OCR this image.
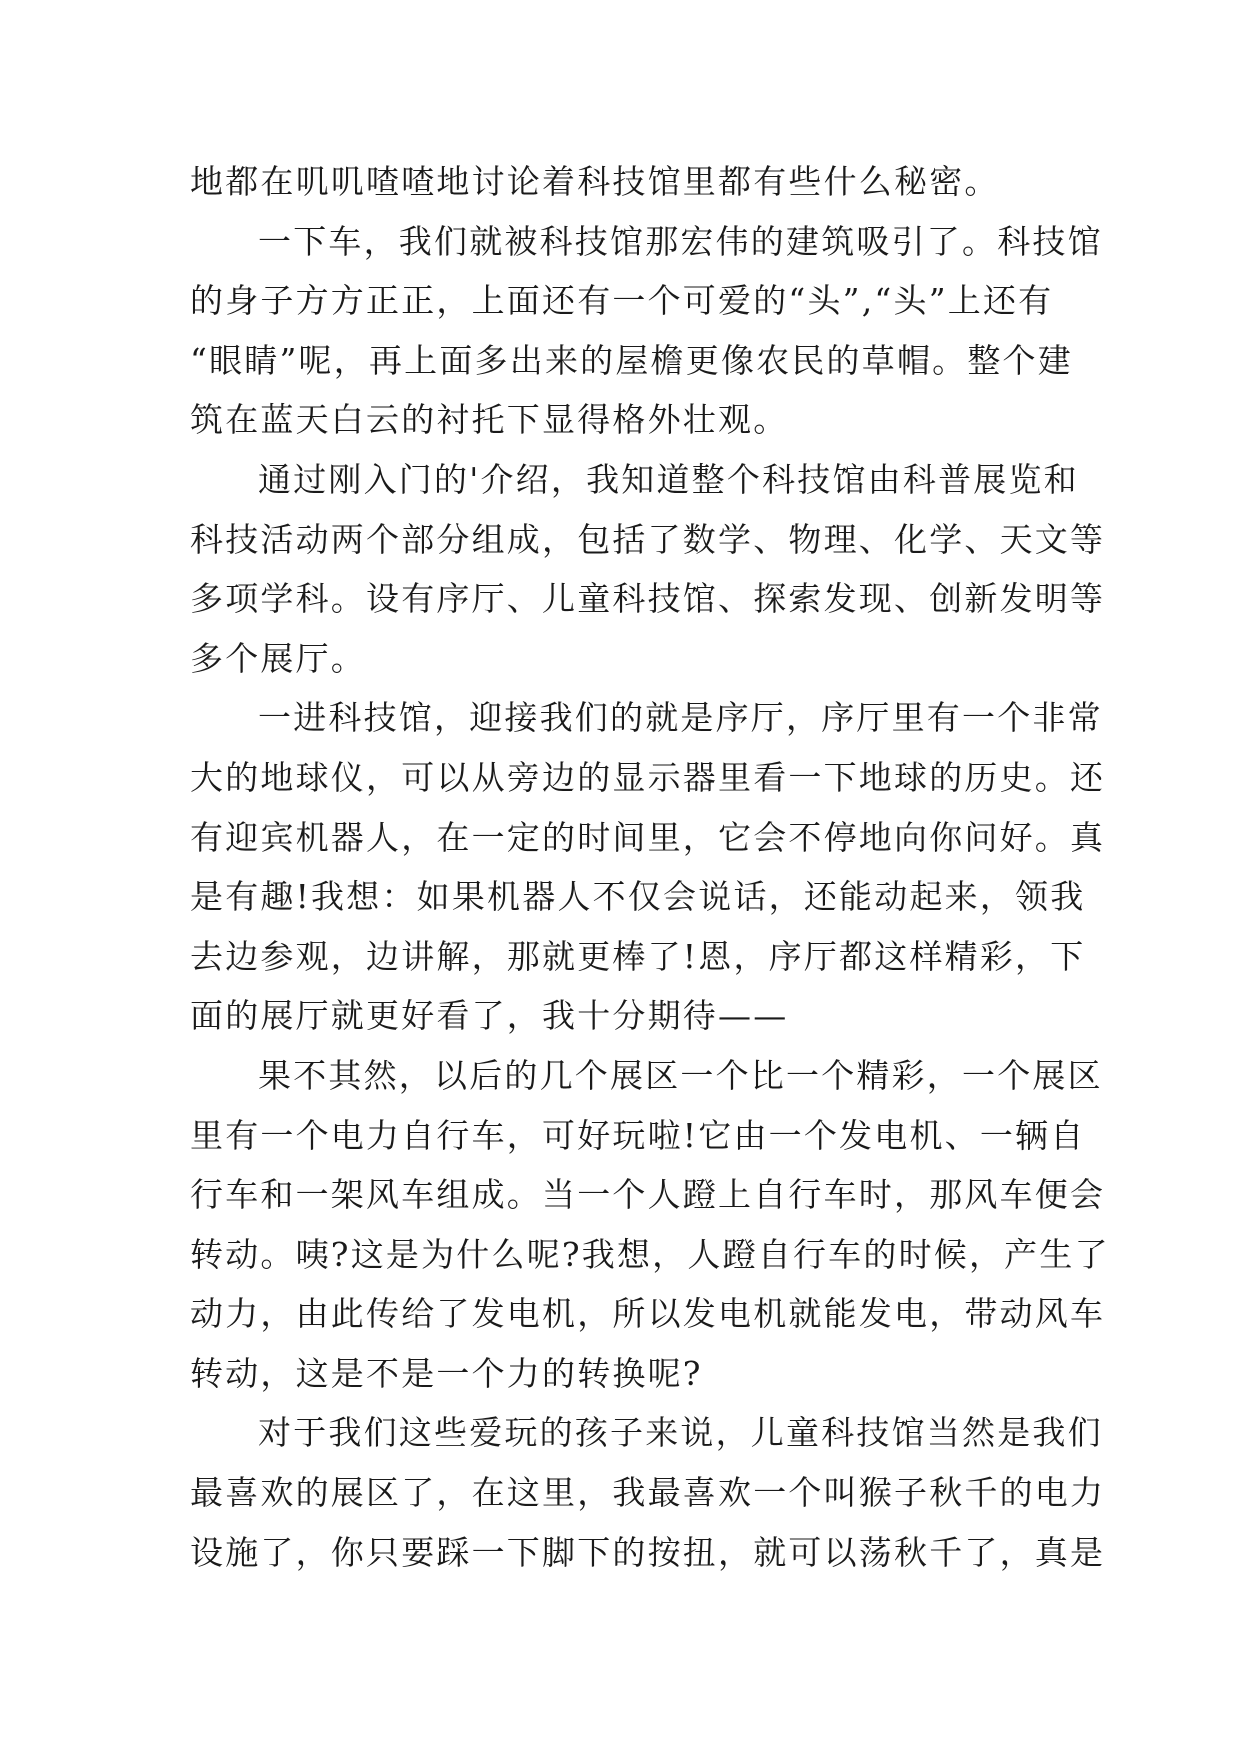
地都在叽叽喳喳地讨论着科技馆里都有些什么秘密。
一下车，我们就被科技馆那宏伟的建筑吸引了。科技馆
的身子方方正正，上面还有一个可爱的“头”,“头”上还有
“眼睛”呢，再上面多出来的屋檐更像农民的草帽。整个建
筑在蓝天白云的衬托下显得格外壮观。
通过刚入门的'介绍，我知道整个科技馆由科普展览和
科技活动两个部分组成，包括了数学、物理、化学、天文等
多项学科。设有序厅、儿童科技馆、探索发现、创新发明等
多个展厅。
一进科技馆，迎接我们的就是序厅，序厅里有一个非常
大的地球仪，可以从旁边的显示器里看一下地球的历史。还
有迎宾机器人，在一定的时间里，它会不停地向你问好。真
是有趣!我想：如果机器人不仅会说话，还能动起来，领我
去边参观，边讲解，那就更棒了!恩，序厅都这样精彩，下
面的展厅就更好看了，我十分期待——
果不其然，以后的几个展区一个比一个精彩，一个展区
里有一个电力自行车，可好玩啦!它由一个发电机、一辆自
行车和一架风车组成。当一个人蹬上自行车时，那风车便会
转动。咦?这是为什么呢?我想，人蹬自行车的时候，产生了
动力，由此传给了发电机，所以发电机就能发电，带动风车
转动，这是不是一个力的转换呢?
对于我们这些爱玩的孩子来说，儿童科技馆当然是我们
最喜欢的展区了，在这里，我最喜欢一个叫猴子秋千的电力
设施了，你只要踩一下脚下的按扭，就可以荡秋千了，真是
